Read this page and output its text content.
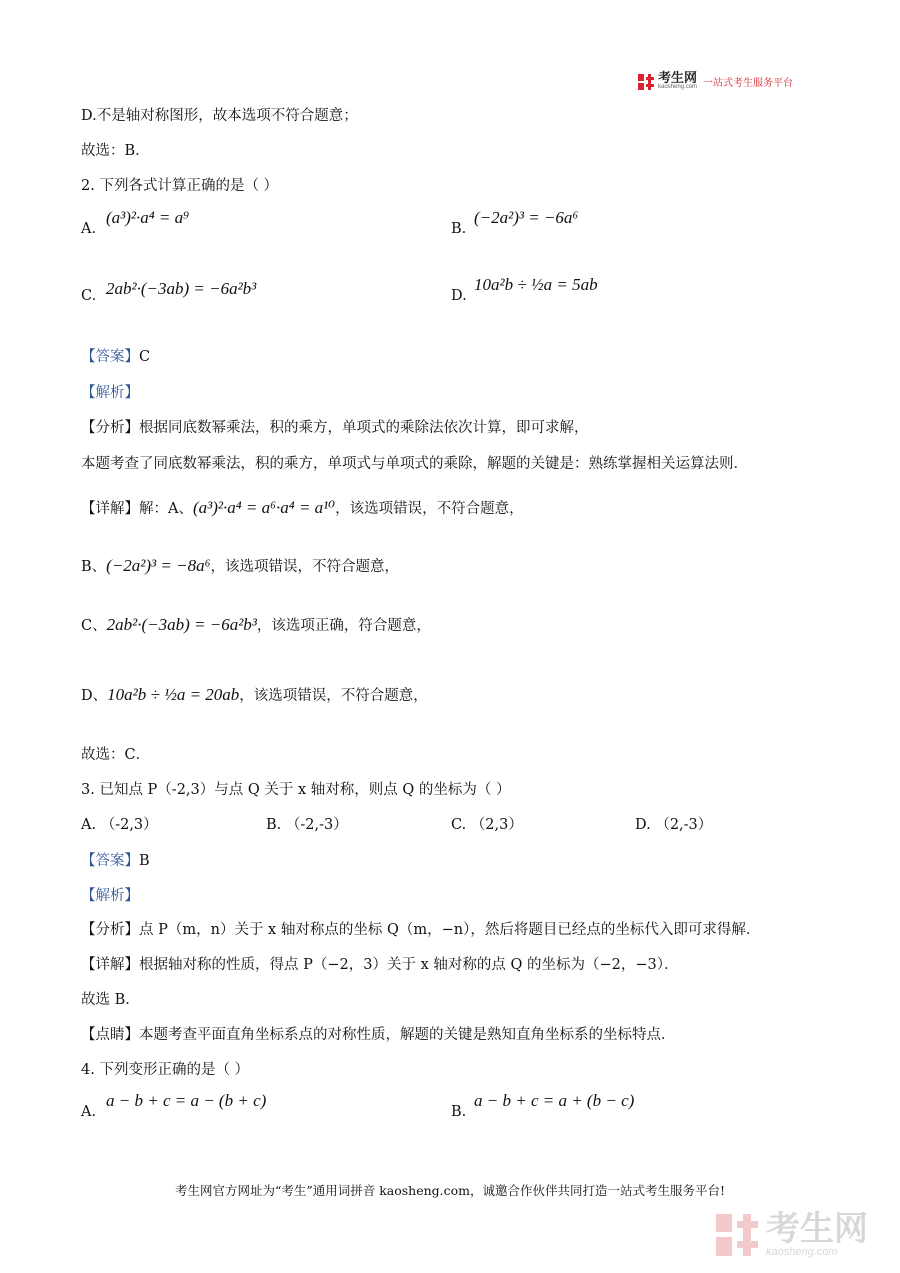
考生网
kaosheng.com 一站式考生服务平台
D.不是轴对称图形，故本选项不符合题意；
故选：B．
2. 下列各式计算正确的是（ ）
A.
(a³)²·a⁴ = a⁹
B.
(−2a²)³ = −6a⁶
C. 2ab²·(−3ab) = −6a²b³	D.
10a²b ÷ ½a = 5ab
【答案】C
【解析】
【分析】根据同底数幂乘法，积的乘方，单项式的乘除法依次计算，即可求解，
本题考查了同底数幂乘法，积的乘方，单项式与单项式的乘除，解题的关键是：熟练掌握相关运算法则．
【详解】解：A、(a³)²·a⁴ = a⁶·a⁴ = a¹⁰，该选项错误，不符合题意，
B、(−2a²)³ = −8a⁶，该选项错误，不符合题意，
C、2ab²·(−3ab) = −6a²b³，该选项正确，符合题意，
D、10a²b ÷ ½a = 20ab，该选项错误，不符合题意，
故选：C．
3. 已知点 P（-2,3）与点 Q 关于 x 轴对称，则点 Q 的坐标为（ ）
A. （-2,3）	B. （-2,-3）	C. （2,3）	D. （2,-3）
【答案】B
【解析】
【分析】点 P（m，n）关于 x 轴对称点的坐标 Q（m，−n），然后将题目已经点的坐标代入即可求得解．
【详解】根据轴对称的性质，得点 P（−2，3）关于 x 轴对称的点 Q 的坐标为（−2，−3）．
故选 B．
【点睛】本题考查平面直角坐标系点的对称性质，解题的关键是熟知直角坐标系的坐标特点．
4. 下列变形正确的是（ ）
A.
a − b + c = a − (b + c)
B.
a − b + c = a + (b − c)
考生网官方网址为“考生”通用词拼音 kaosheng.com，诚邀合作伙伴共同打造一站式考生服务平台!
考生网
kaosheng.com
